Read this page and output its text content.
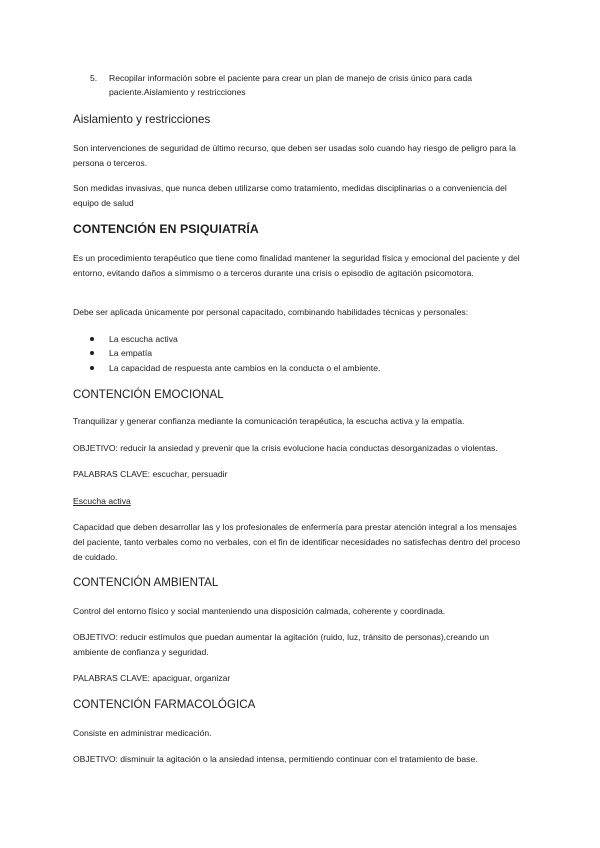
5.	Recopilar información sobre el paciente para crear un plan de manejo de crisis único para cada paciente.Aislamiento y restricciones
Aislamiento y restricciones

Son intervenciones de seguridad de último recurso, que deben ser usadas solo cuando hay riesgo de peligro para la persona o terceros.

Son medidas invasivas, que nunca deben utilizarse como tratamiento, medidas disciplinarias o a conveniencia del equipo de salud

CONTENCIÓN EN PSIQUIATRÍA

Es un procedimiento terapéutico que tiene como finalidad mantener la seguridad física y emocional del paciente y del entorno, evitando daños a símmismo o a terceros durante una crisis o episodio de agitación psicomotora.

Debe ser aplicada únicamente por personal capacitado, combinando habilidades técnicas y personales:

La escucha activa
La empatía
La capacidad de respuesta ante cambios en la conducta o el ambiente.
CONTENCIÓN EMOCIONAL

Tranquilizar y generar confianza mediante la comunicación terapéutica, la escucha activa y la empatía.

OBJETIVO: reducir la ansiedad y prevenir que la crisis evolucione hacia conductas desorganizadas o violentas.

PALABRAS CLAVE: escuchar, persuadir

Escucha activa

Capacidad que deben desarrollar las y los profesionales de enfermería para prestar atención integral a los mensajes del paciente, tanto verbales como no verbales, con el fin de identificar necesidades no satisfechas dentro del proceso de cuidado.

CONTENCIÓN AMBIENTAL

Control del entorno físico y social manteniendo una disposición calmada, coherente y coordinada.

OBJETIVO: reducir estímulos que puedan aumentar la agitación (ruido, luz, tránsito de personas),creando un ambiente de confianza y seguridad.

PALABRAS CLAVE: apaciguar, organizar

CONTENCIÓN FARMACOLÓGICA

Consiste en administrar medicación.

OBJETIVO: disminuir la agitación o la ansiedad intensa, permitiendo continuar con el tratamiento de base.
